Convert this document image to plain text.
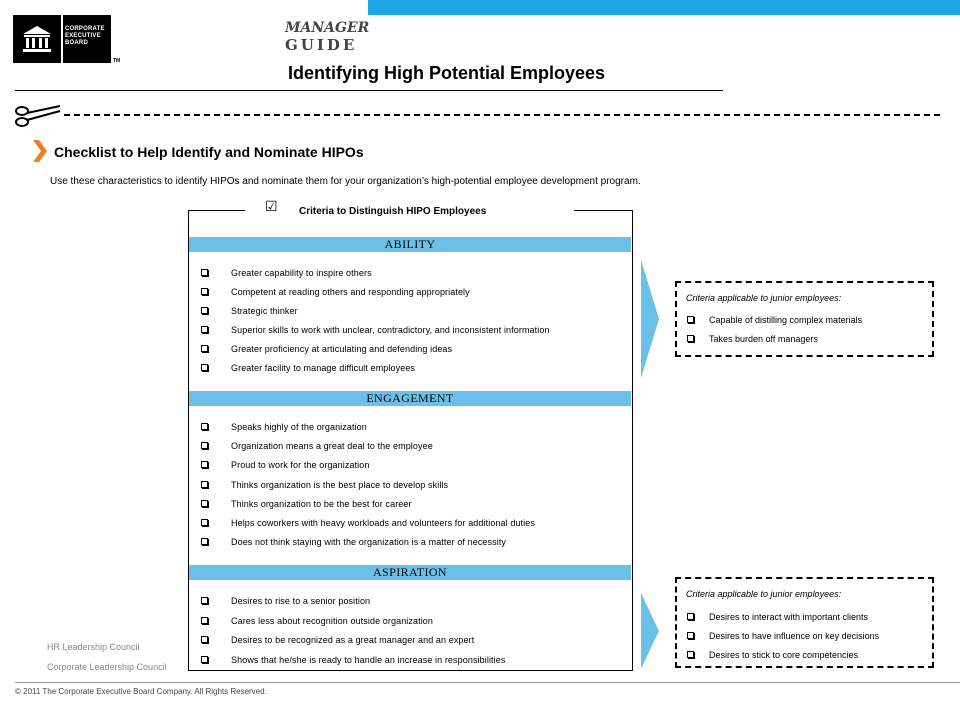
CORPORATE
EXECUTIVE
BOARD
TM
MANAGER
GUIDE
Identifying High Potential Employees
Checklist to Help Identify and Nominate HIPOs
Use these characteristics to identify HIPOs and nominate them for your organization’s high-potential employee development program.
☑ Criteria to Distinguish HIPO Employees
ABILITY
Greater capability to inspire others
Competent at reading others and responding appropriately
Strategic thinker
Superior skills to work with unclear, contradictory, and inconsistent information
Greater proficiency at articulating and defending ideas
Greater facility to manage difficult employees
ENGAGEMENT
Speaks highly of the organization
Organization means a great deal to the employee
Proud to work for the organization
Thinks organization is the best place to develop skills
Thinks organization to be the best for career
Helps coworkers with heavy workloads and volunteers for additional duties
Does not think staying with the organization is a matter of necessity
ASPIRATION
Desires to rise to a senior position
Cares less about recognition outside organization
Desires to be recognized as a great manager and an expert
Shows that he/she is ready to handle an increase in responsibilities
Criteria applicable to junior employees:
Capable of distilling complex materials
Takes burden off managers
Criteria applicable to junior employees:
Desires to interact with important clients
Desires to have influence on key decisions
Desires to stick to core competencies
HR Leadership Council
Corporate Leadership Council
© 2011 The Corporate Executive Board Company. All Rights Reserved.
